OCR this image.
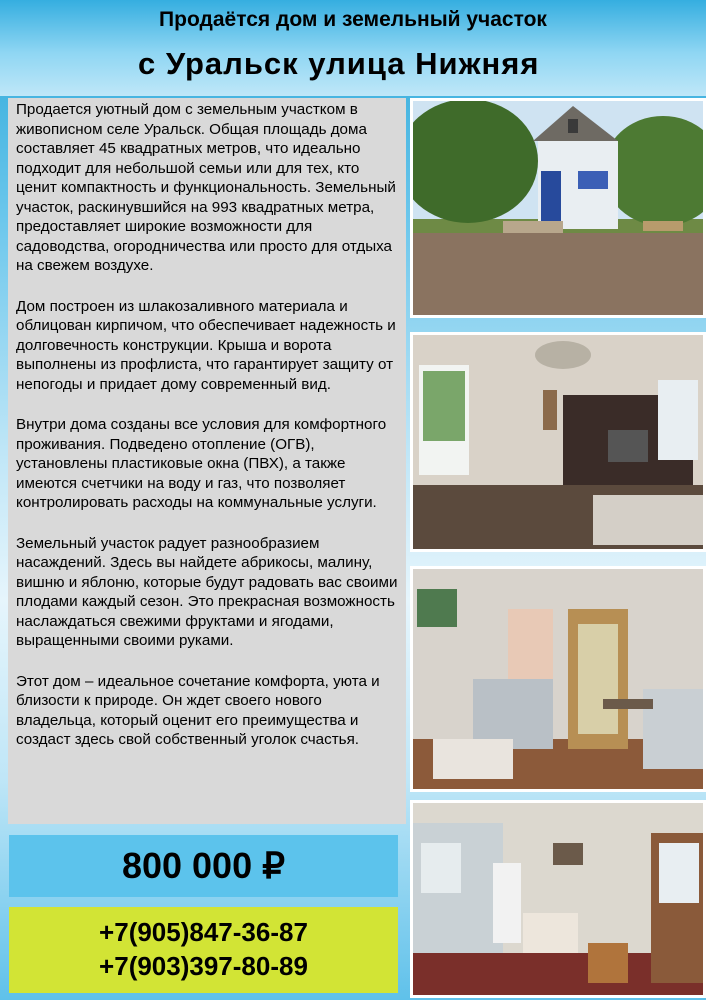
Продаётся дом и земельный участок
с Уральск улица Нижняя

Продается уютный дом с земельным участком в живописном селе Уральск. Общая площадь дома составляет 45 квадратных метров, что идеально подходит для небольшой семьи или для тех, кто ценит компактность и функциональность. Земельный участок, раскинувшийся на 993 квадратных метра, предоставляет широкие возможности для садоводства, огородничества или просто для отдыха на свежем воздухе.

Дом построен из шлакозаливного материала и облицован кирпичом, что обеспечивает надежность и долговечность конструкции. Крыша и ворота выполнены из профлиста, что гарантирует защиту от непогоды и придает дому современный вид.

Внутри дома созданы все условия для комфортного проживания. Подведено отопление (ОГВ), установлены пластиковые окна (ПВХ), а также имеются счетчики на воду и газ, что позволяет контролировать расходы на коммунальные услуги.

Земельный участок радует разнообразием насаждений. Здесь вы найдете абрикосы, малину, вишню и яблоню, которые будут радовать вас своими плодами каждый сезон. Это прекрасная возможность наслаждаться свежими фруктами и ягодами, выращенными своими руками.

Этот дом – идеальное сочетание комфорта, уюта и близости к природе. Он ждет своего нового владельца, который оценит его преимущества и создаст здесь свой собственный уголок счастья.

800 000 ₽
+7(905)847-36-87
+7(903)397-80-89
